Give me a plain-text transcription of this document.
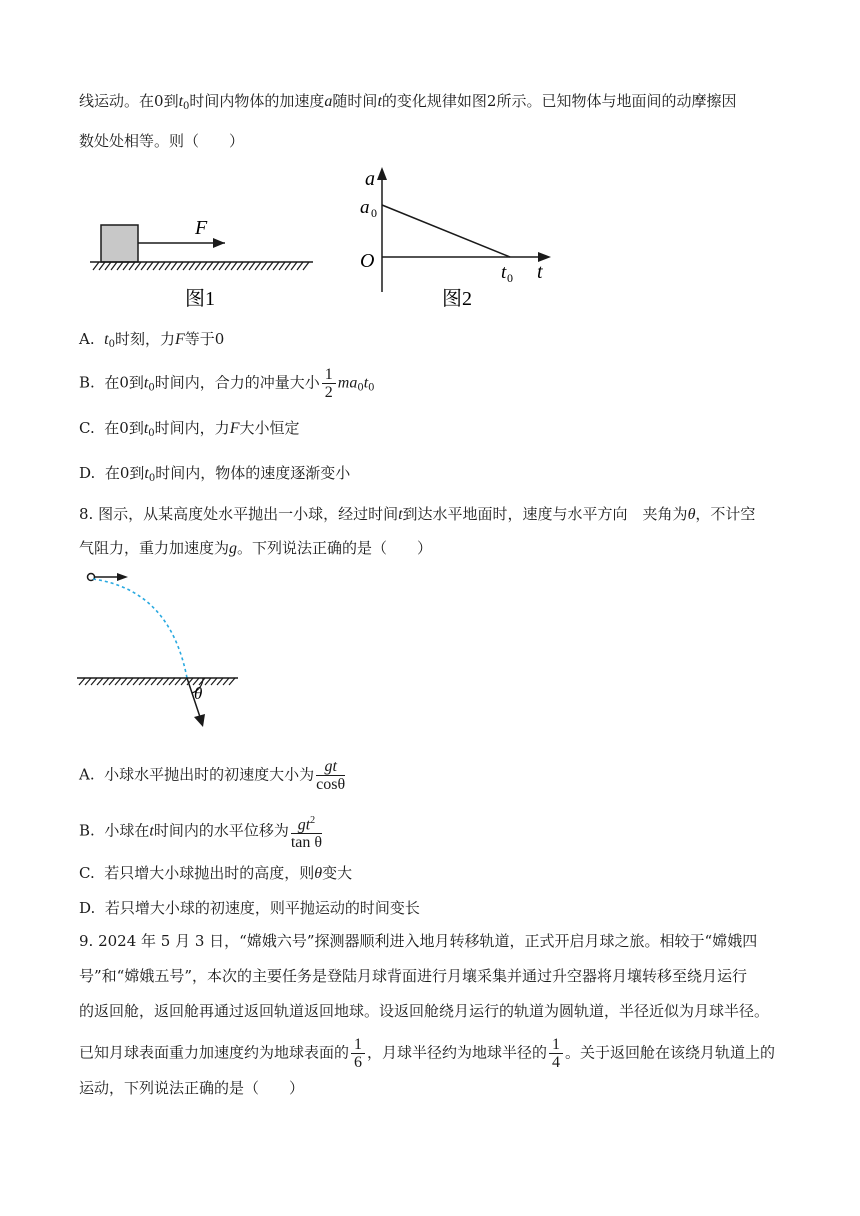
线运动。在0到$t_0$时间内物体的加速度a随时间t的变化规律如图2所示。已知物体与地面间的动摩擦因
数处处相等。则（　　）
F
图1
a
a 0
O
t 0 t
图2
A. $t_0$时刻，力F等于0
B. 在0到$t_0$时间内，合力的冲量大小 $\frac{1}{2} ma_0t_0$
C. 在0到$t_0$时间内，力F大小恒定
D. 在0到$t_0$时间内，物体的速度逐渐变小
8. 图示，从某高度处水平抛出一小球，经过时间t到达水平地面时，速度与水平方向　夹角为θ，不计空
气阻力，重力加速度为g。下列说法正确的是（　　）
θ
A. 小球水平抛出时的初速度大小为 $\frac{gt}{\cos\theta}$
B. 小球在t时间内的水平位移为 $\frac{gt^2}{\text{tan θ}}$
C. 若只增大小球抛出时的高度，则θ变大
D. 若只增大小球的初速度，则平抛运动的时间变长
9. 2024 年 5 月 3 日，“嫦娥六号”探测器顺利进入地月转移轨道，正式开启月球之旅。相较于“嫦娥四
号”和“嫦娥五号”，本次的主要任务是登陆月球背面进行月壤采集并通过升空器将月壤转移至绕月运行
的返回舱，返回舱再通过返回轨道返回地球。设返回舱绕月运行的轨道为圆轨道，半径近似为月球半径。
已知月球表面重力加速度约为地球表面的 $\frac{1}{6}$ ，月球半径约为地球半径的 $\frac{1}{4}$ 。关于返回舱在该绕月轨道上的
运动，下列说法正确的是（　　）
